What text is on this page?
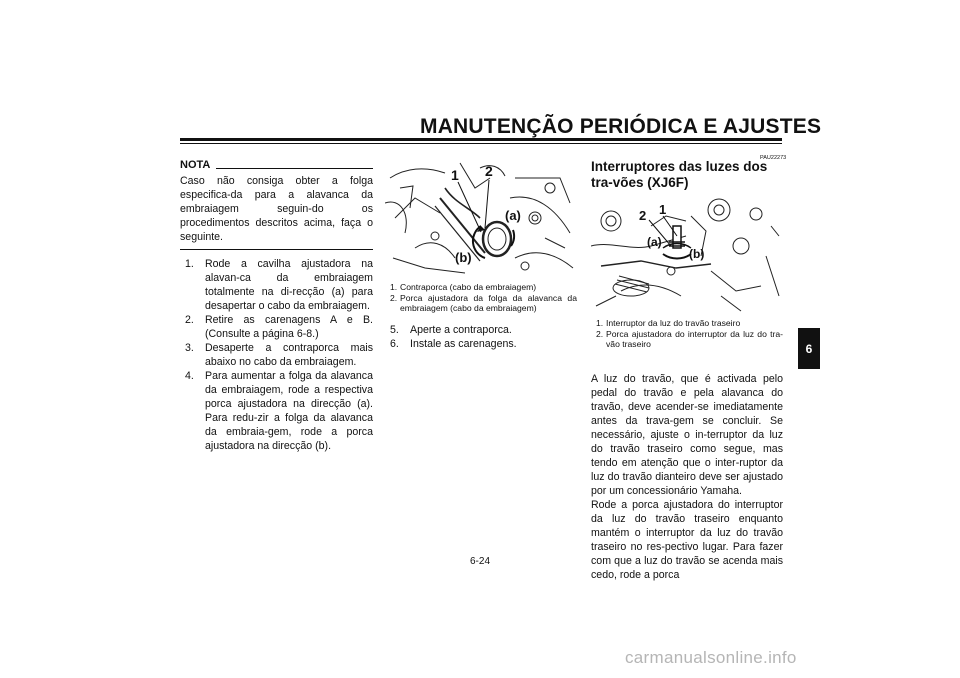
MANUTENÇÃO PERIÓDICA E AJUSTES
NOTA

Caso não consiga obter a folga especifica-da para a alavanca da embraiagem seguin-do os procedimentos descritos acima, faça o seguinte.

1.	Rode a cavilha ajustadora na alavan-ca da embraiagem totalmente na di-recção (a) para desapertar o cabo da embraiagem.
2.	Retire as carenagens A e B. (Consulte a página 6-8.)
3.	Desaperte a contraporca mais abaixo no cabo da embraiagem.
4.	Para aumentar a folga da alavanca da embraiagem, rode a respectiva porca ajustadora na direcção (a). Para redu-zir a folga da alavanca da embraia-gem, rode a porca ajustadora na direcção (b).
1 2
(a)
(b)
1. Contraporca (cabo da embraiagem)
2. Porca ajustadora da folga da alavanca da embraiagem (cabo da embraiagem)
5.	Aperte a contraporca.
6.	Instale as carenagens.
PAU22273
Interruptores das luzes dos tra-vões (XJ6F)
1
2
(a)
(b)
1. Interruptor da luz do travão traseiro
2. Porca ajustadora do interruptor da luz do tra-vão traseiro

A luz do travão, que é activada pelo pedal do travão e pela alavanca do travão, deve acender-se imediatamente antes da trava-gem se concluir. Se necessário, ajuste o in-terruptor da luz do travão traseiro como segue, mas tendo em atenção que o inter-ruptor da luz do travão dianteiro deve ser ajustado por um concessionário Yamaha.

Rode a porca ajustadora do interruptor da luz do travão traseiro enquanto mantém o interruptor da luz do travão traseiro no res-pectivo lugar. Para fazer com que a luz do travão se acenda mais cedo, rode a porca

6
6-24
carmanualsonline.info
